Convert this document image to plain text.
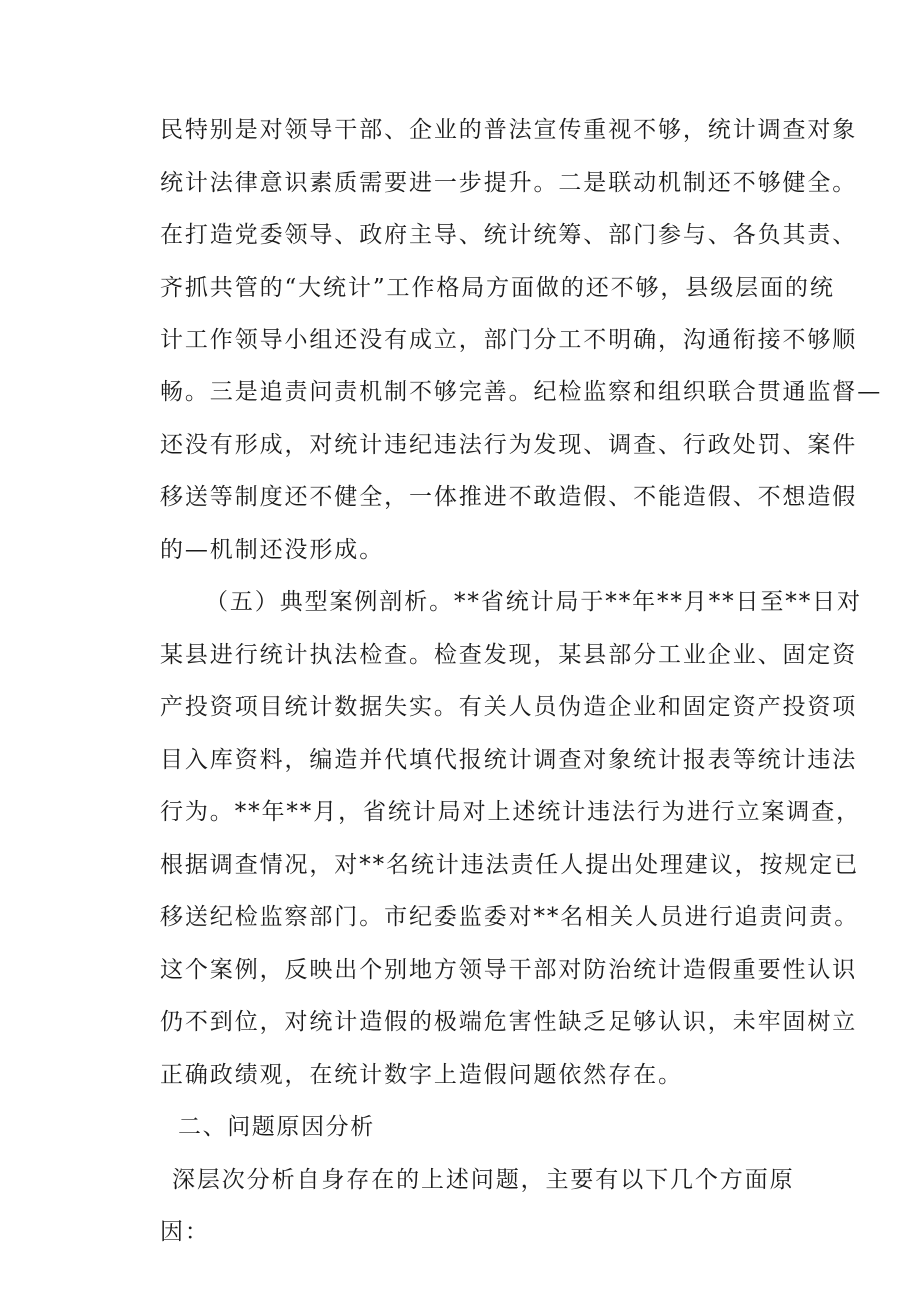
民特别是对领导干部、企业的普法宣传重视不够，统计调查对象
统计法律意识素质需要进一步提升。二是联动机制还不够健全。
在打造党委领导、政府主导、统计统筹、部门参与、各负其责、
齐抓共管的“大统计”工作格局方面做的还不够，县级层面的统
计工作领导小组还没有成立，部门分工不明确，沟通衔接不够顺
畅。三是追责问责机制不够完善。纪检监察和组织联合贯通监督—
还没有形成，对统计违纪违法行为发现、调查、行政处罚、案件
移送等制度还不健全，一体推进不敢造假、不能造假、不想造假
的—机制还没形成。
（五）典型案例剖析。**省统计局于**年**月**日至**日对
某县进行统计执法检查。检查发现，某县部分工业企业、固定资
产投资项目统计数据失实。有关人员伪造企业和固定资产投资项
目入库资料，编造并代填代报统计调查对象统计报表等统计违法
行为。**年**月，省统计局对上述统计违法行为进行立案调查，
根据调查情况，对**名统计违法责任人提出处理建议，按规定已
移送纪检监察部门。市纪委监委对**名相关人员进行追责问责。
这个案例，反映出个别地方领导干部对防治统计造假重要性认识
仍不到位，对统计造假的极端危害性缺乏足够认识，未牢固树立
正确政绩观，在统计数字上造假问题依然存在。
二、问题原因分析
深层次分析自身存在的上述问题，主要有以下几个方面原
因：
